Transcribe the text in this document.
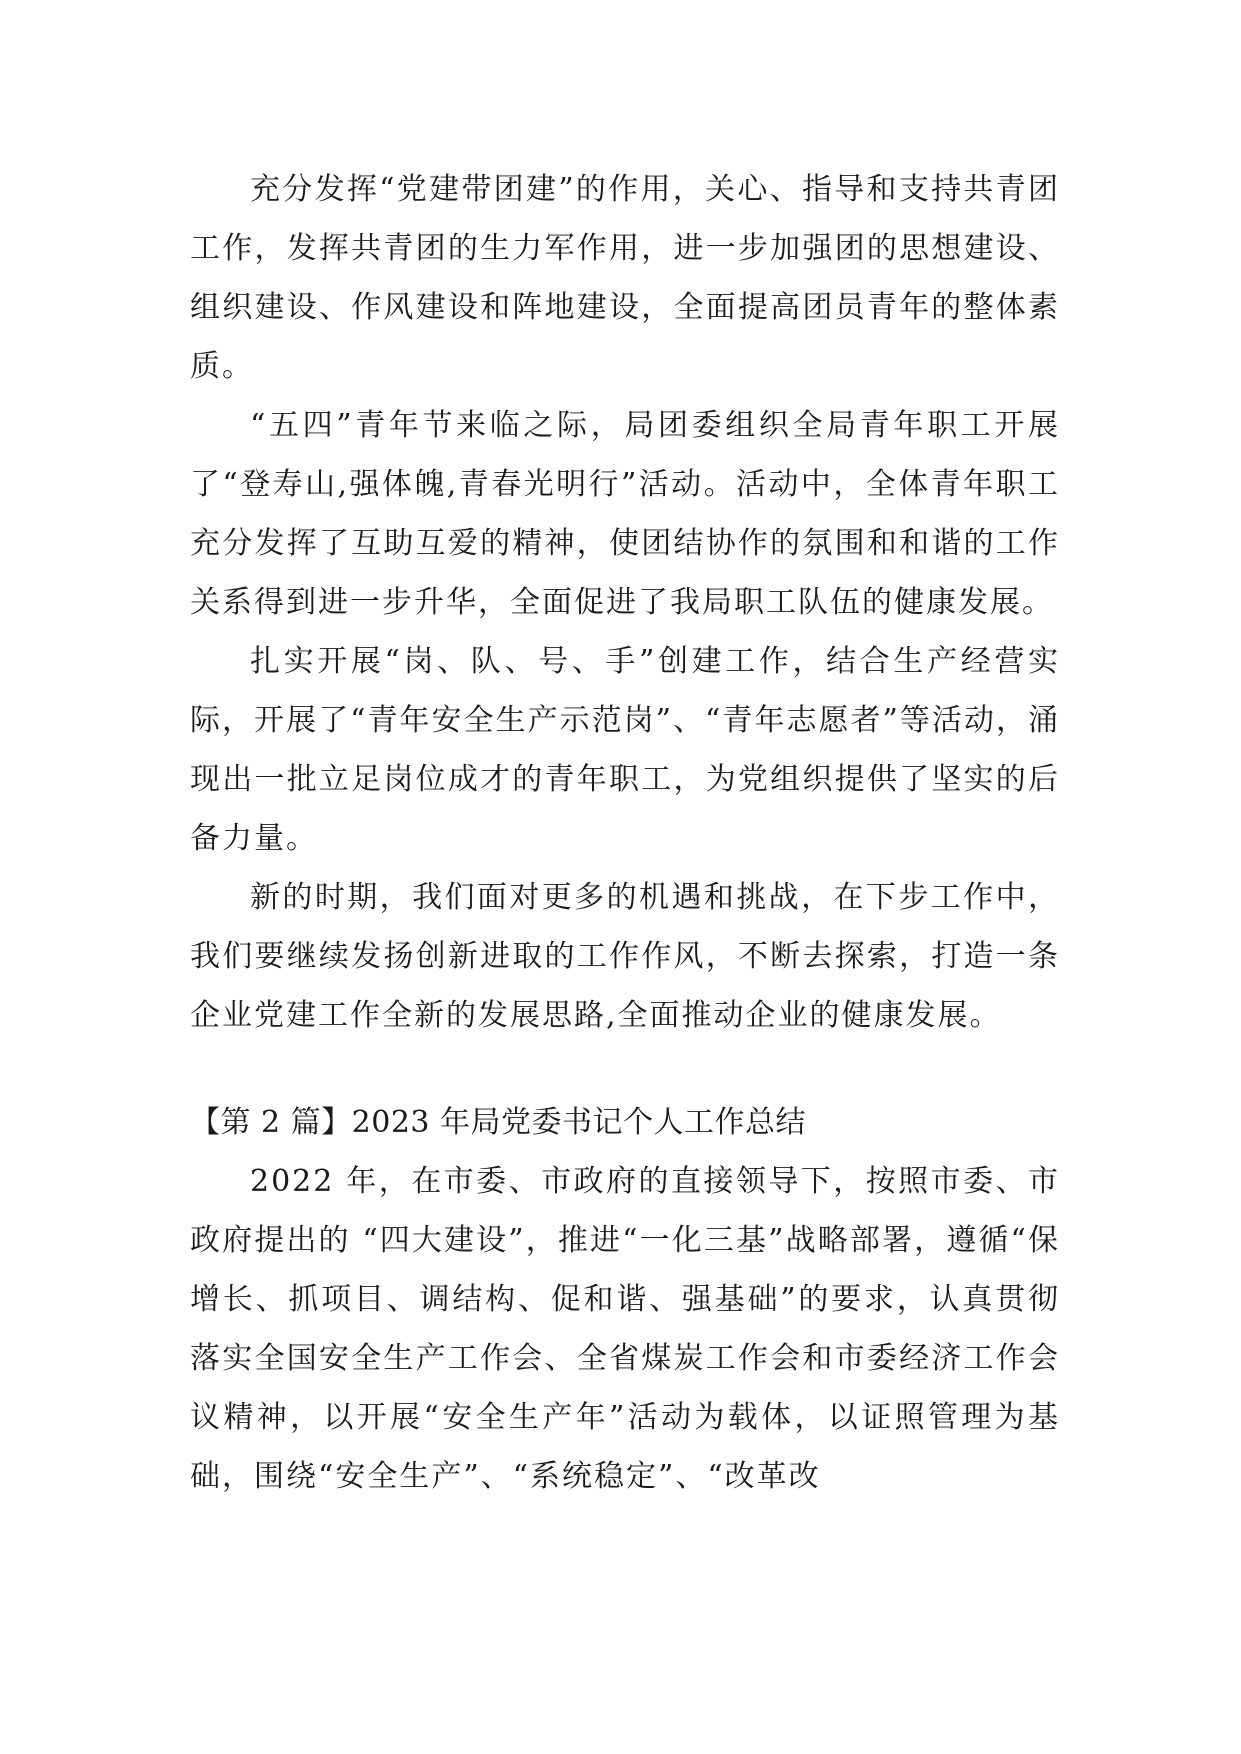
充分发挥“党建带团建”的作用，关心、指导和支持共青团工作，发挥共青团的生力军作用，进一步加强团的思想建设、组织建设、作风建设和阵地建设，全面提高团员青年的整体素质。

“五四”青年节来临之际，局团委组织全局青年职工开展了“登寿山,强体魄,青春光明行”活动。活动中，全体青年职工充分发挥了互助互爱的精神，使团结协作的氛围和和谐的工作关系得到进一步升华，全面促进了我局职工队伍的健康发展。

扎实开展“岗、队、号、手”创建工作，结合生产经营实际，开展了“青年安全生产示范岗”、“青年志愿者”等活动，涌现出一批立足岗位成才的青年职工，为党组织提供了坚实的后备力量。

新的时期，我们面对更多的机遇和挑战，在下步工作中，我们要继续发扬创新进取的工作作风，不断去探索，打造一条企业党建工作全新的发展思路,全面推动企业的健康发展。

【第 2 篇】2023 年局党委书记个人工作总结

2022 年，在市委、市政府的直接领导下，按照市委、市政府提出的 “四大建设”，推进“一化三基”战略部署，遵循“保增长、抓项目、调结构、促和谐、强基础”的要求，认真贯彻落实全国安全生产工作会、全省煤炭工作会和市委经济工作会议精神，以开展“安全生产年”活动为载体，以证照管理为基础，围绕“安全生产”、“系统稳定”、“改革改
